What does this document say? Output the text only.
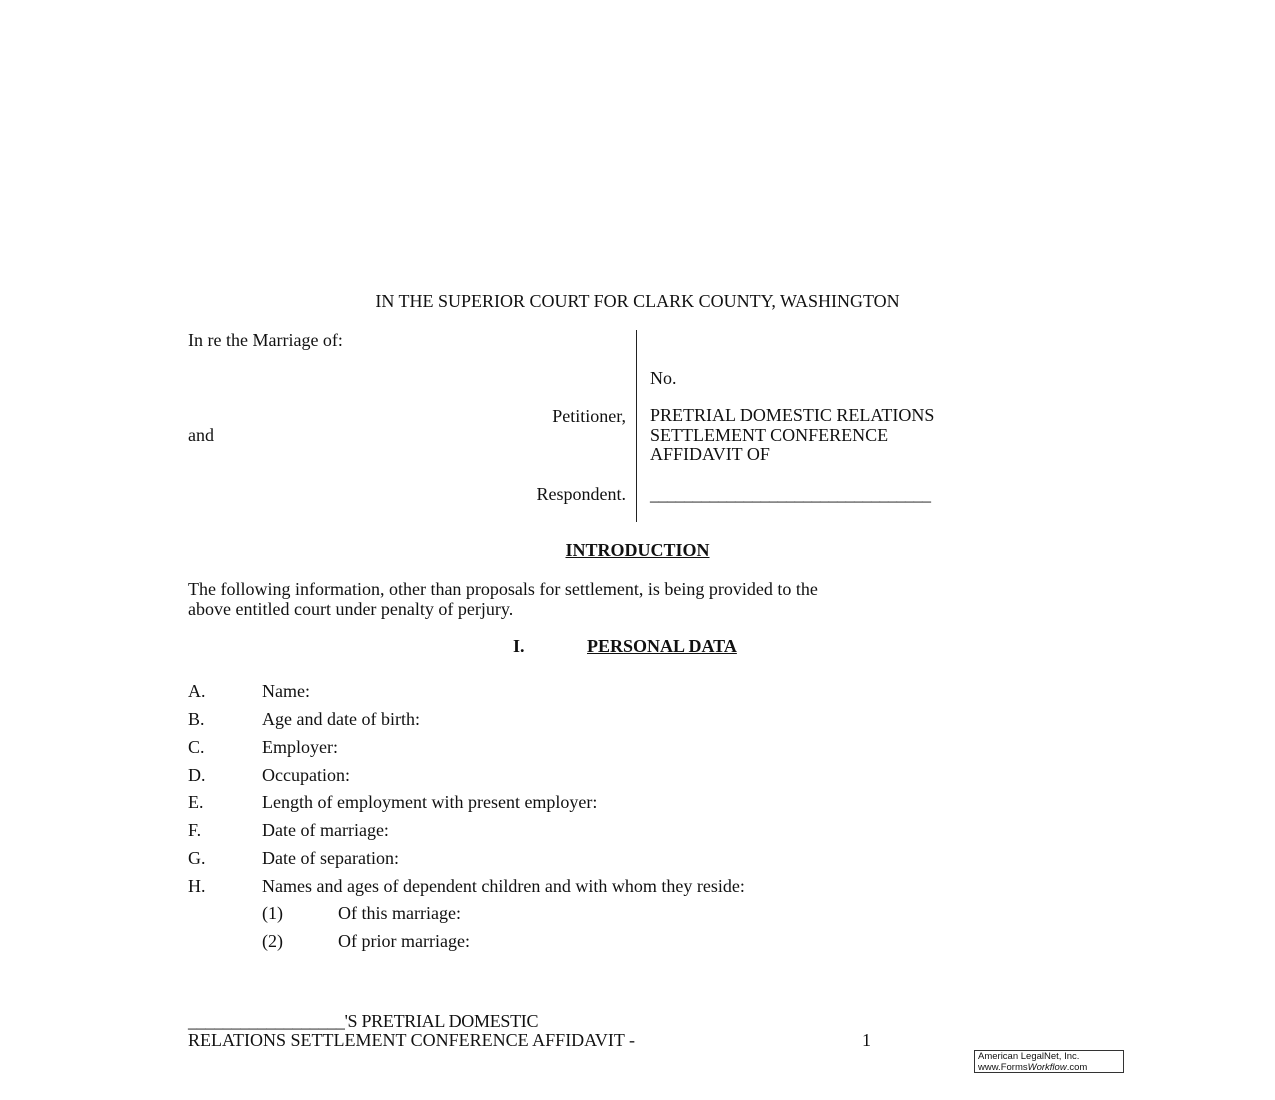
IN THE SUPERIOR COURT FOR CLARK COUNTY, WASHINGTON
In re the Marriage of:
Petitioner,
and
Respondent.
No.
PRETRIAL DOMESTIC RELATIONS
SETTLEMENT CONFERENCE
AFFIDAVIT OF
_________________________________
INTRODUCTION
The following information, other than proposals for settlement, is being provided to the
above entitled court under penalty of perjury.
I.	PERSONAL DATA
A.	Name:
B.	Age and date of birth:
C.	Employer:
D.	Occupation:
E.	Length of employment with present employer:
F.	Date of marriage:
G.	Date of separation:
H.	Names and ages of dependent children and with whom they reside:
(1)	Of this marriage:
(2)	Of prior marriage:
__________________'S PRETRIAL DOMESTIC
RELATIONS SETTLEMENT CONFERENCE AFFIDAVIT -	1
American LegalNet, Inc.
www.FormsWorkflow.com
